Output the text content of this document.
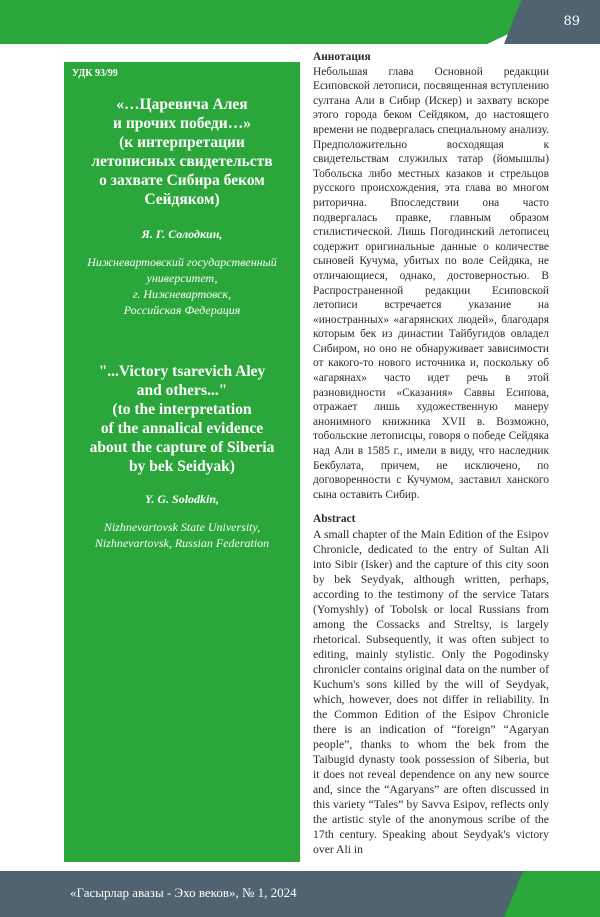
89
УДК 93/99
«…Царевича Алея
и прочих победи…»
(к интерпретации
летописных свидетельств
о захвате Сибира беком
Сейдяком)
Я. Г. Солодкин,
Нижневартовский государственный
университет,
г. Нижневартовск,
Российская Федерация
"...Victory tsarevich Aley
and others..."
(to the interpretation
of the annalical evidence
about the capture of Siberia
by bek Seidyak)
Y. G. Solodkin,
Nizhnevartovsk State University,
Nizhnevartovsk, Russian Federation
Аннотация

Небольшая глава Основной редакции Есиповской летописи, посвященная вступлению султана Али в Сибир (Искер) и захвату вскоре этого города беком Сейдяком, до настоящего времени не подвергалась специальному анализу. Предположительно восходящая к свидетельствам служилых татар (йомышлы) Тобольска либо местных казаков и стрельцов русского происхождения, эта глава во многом риторична. Впоследствии она часто подвергалась правке, главным образом стилистической. Лишь Погодинский летописец содержит оригинальные данные о количестве сыновей Кучума, убитых по воле Сейдяка, не отличающиеся, однако, достоверностью. В Распространенной редакции Есиповской летописи встречается указание на «иностранных» «агарянских людей», благодаря которым бек из династии Тайбугидов овладел Сибиром, но оно не обнаруживает зависимости от какого-то нового источника и, поскольку об «агарянах» часто идет речь в этой разновидности «Сказания» Саввы Есипова, отражает лишь художественную манеру анонимного книжника XVII в. Возможно, тобольские летописцы, говоря о победе Сейдяка над Али в 1585 г., имели в виду, что наследник Бекбулата, причем, не исключено, по договоренности с Кучумом, заставил ханского сына оставить Сибир.

Abstract

A small chapter of the Main Edition of the Esipov Chronicle, dedicated to the entry of Sultan Ali into Sibir (Isker) and the capture of this city soon by bek Seydyak, although written, perhaps, according to the testimony of the service Tatars (Yomyshly) of Tobolsk or local Russians from among the Cossacks and Streltsy, is largely rhetorical. Subsequently, it was often subject to editing, mainly stylistic. Only the Pogodinsky chronicler contains original data on the number of Kuchum's sons killed by the will of Seydyak, which, however, does not differ in reliability. In the Common Edition of the Esipov Chronicle there is an indication of “foreign” “Agaryan people”, thanks to whom the bek from the Taibugid dynasty took possession of Siberia, but it does not reveal dependence on any new source and, since the “Agaryans” are often discussed in this variety “Tales” by Savva Esipov, reflects only the artistic style of the anonymous scribe of the 17th century. Speaking about Seydyak's victory over Ali in

«Гасырлар авазы - Эхо веков», № 1, 2024
